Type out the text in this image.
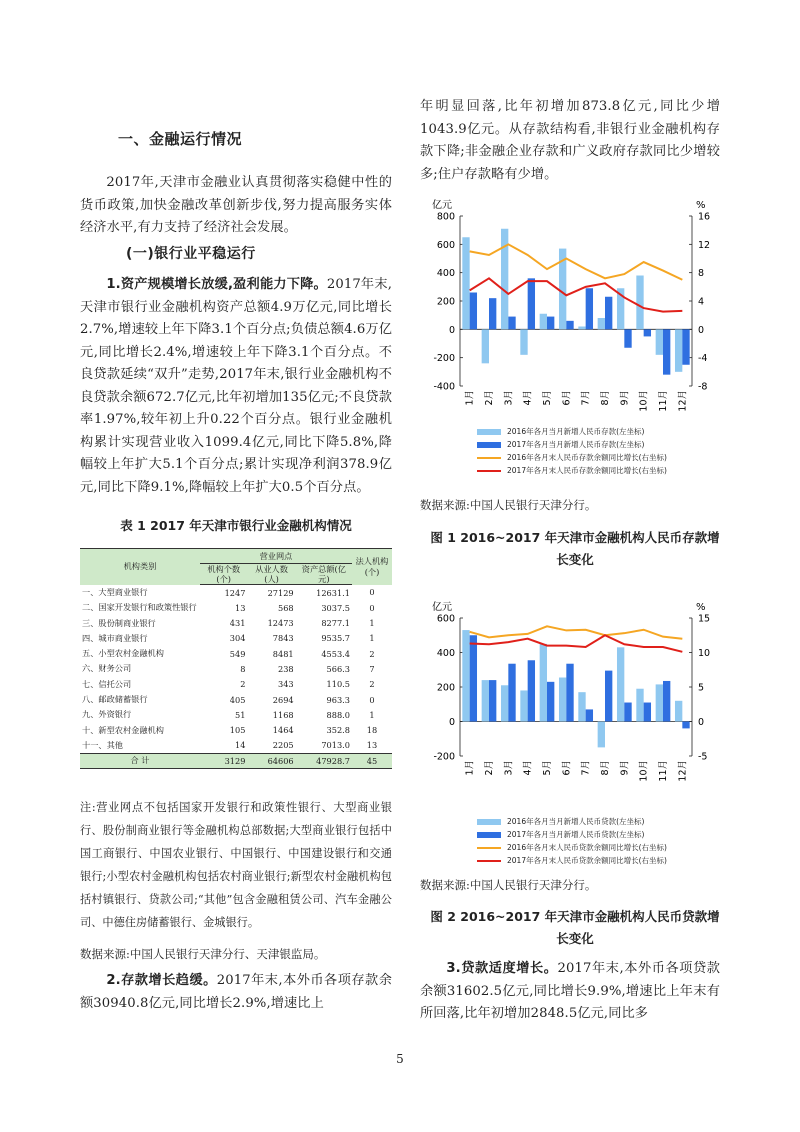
一、金融运行情况

2017年,天津市金融业认真贯彻落实稳健中性的货币政策,加快金融改革创新步伐,努力提高服务实体经济水平,有力支持了经济社会发展。

(一)银行业平稳运行

1.资产规模增长放缓,盈利能力下降。2017年末,天津市银行业金融机构资产总额4.9万亿元,同比增长2.7%,增速较上年下降3.1个百分点;负债总额4.6万亿元,同比增长2.4%,增速较上年下降3.1个百分点。不良贷款延续“双升”走势,2017年末,银行业金融机构不良贷款余额672.7亿元,比年初增加135亿元;不良贷款率1.97%,较年初上升0.22个百分点。银行业金融机构累计实现营业收入1099.4亿元,同比下降5.8%,降幅较上年扩大5.1个百分点;累计实现净利润378.9亿元,同比下降9.1%,降幅较上年扩大0.5个百分点。

表 1 2017 年天津市银行业金融机构情况
机构类别	营业网点			法人机构(个)
	机构个数(个)	从业人数(人)	资产总额(亿元)	
一、大型商业银行	1247	27129	12631.1	0
二、国家开发银行和政策性银行	13	568	3037.5	0
三、股份制商业银行	431	12473	8277.1	1
四、城市商业银行	304	7843	9535.7	1
五、小型农村金融机构	549	8481	4553.4	2
六、财务公司	8	238	566.3	7
七、信托公司	2	343	110.5	2
八、邮政储蓄银行	405	2694	963.3	0
九、外资银行	51	1168	888.0	1
十、新型农村金融机构	105	1464	352.8	18
十一、其他	14	2205	7013.0	13
合 计	3129	64606	47928.7	45

注:营业网点不包括国家开发银行和政策性银行、大型商业银行、股份制商业银行等金融机构总部数据;大型商业银行包括中国工商银行、中国农业银行、中国银行、中国建设银行和交通银行;小型农村金融机构包括农村商业银行;新型农村金融机构包括村镇银行、贷款公司;“其他”包含金融租赁公司、汽车金融公司、中德住房储蓄银行、金城银行。

数据来源:中国人民银行天津分行、天津银监局。

2.存款增长趋缓。2017年末,本外币各项存款余额30940.8亿元,同比增长2.9%,增速比上

年明显回落,比年初增加873.8亿元,同比少增1043.9亿元。从存款结构看,非银行业金融机构存款下降;非金融企业存款和广义政府存款同比少增较多;住户存款略有少增。

亿元	%
800
600
400
200
0
-200
-400
16
12
8
4
0
-4
-8
1月 2月 3月 4月 5月 6月 7月 8月 9月 10月 11月 12月
2016年各月当月新增人民币存款(左坐标)
2017年各月当月新增人民币存款(左坐标)
2016年各月末人民币存款余额同比增长(右坐标)
2017年各月末人民币存款余额同比增长(右坐标)
数据来源:中国人民银行天津分行。
图 1 2016~2017 年天津市金融机构人民币存款增长变化
亿元	%
600
400
200
0
-200
15
10
5
0
-5
1月 2月 3月 4月 5月 6月 7月 8月 9月 10月 11月 12月
2016年各月当月新增人民币贷款(左坐标)
2017年各月当月新增人民币贷款(左坐标)
2016年各月末人民币贷款余额同比增长(右坐标)
2017年各月末人民币贷款余额同比增长(右坐标)
数据来源:中国人民银行天津分行。
图 2 2016~2017 年天津市金融机构人民币贷款增长变化

3.贷款适度增长。2017年末,本外币各项贷款余额31602.5亿元,同比增长9.9%,增速比上年末有所回落,比年初增加2848.5亿元,同比多

5
